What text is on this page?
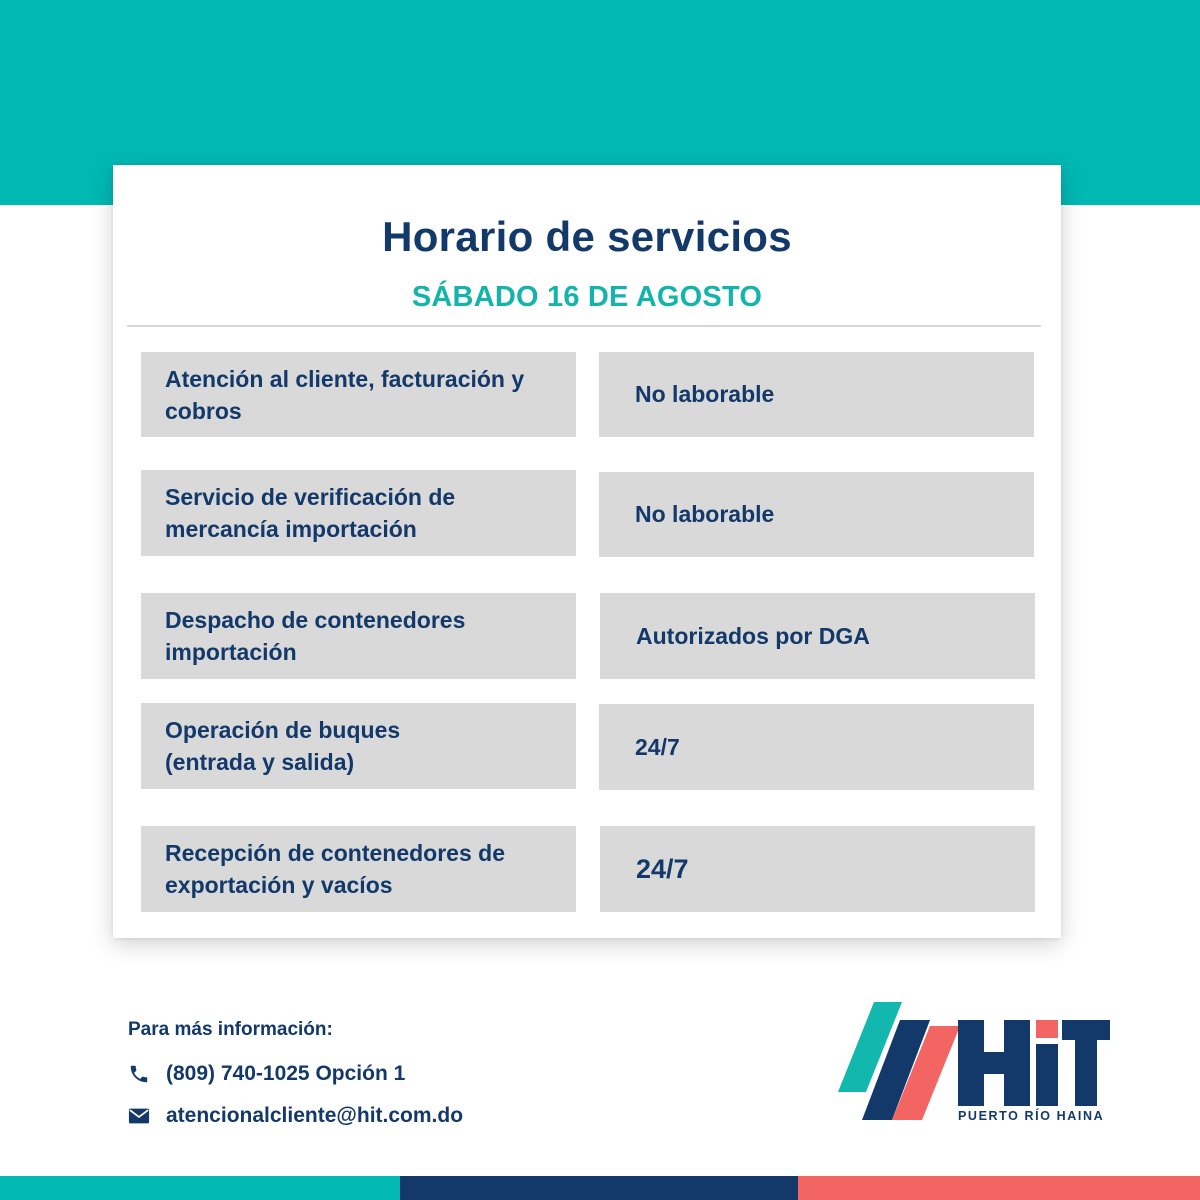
Horario de servicios
SÁBADO 16 DE AGOSTO
Atención al cliente, facturación y
cobros
No laborable
Servicio de verificación de
mercancía importación
No laborable
Despacho de contenedores
importación
Autorizados por DGA
Operación de buques
(entrada y salida)
24/7
Recepción de contenedores de
exportación y vacíos
24/7
Para más información:
(809) 740-1025 Opción 1
atencionalcliente@hit.com.do	PUERTO RÍO HAINA
